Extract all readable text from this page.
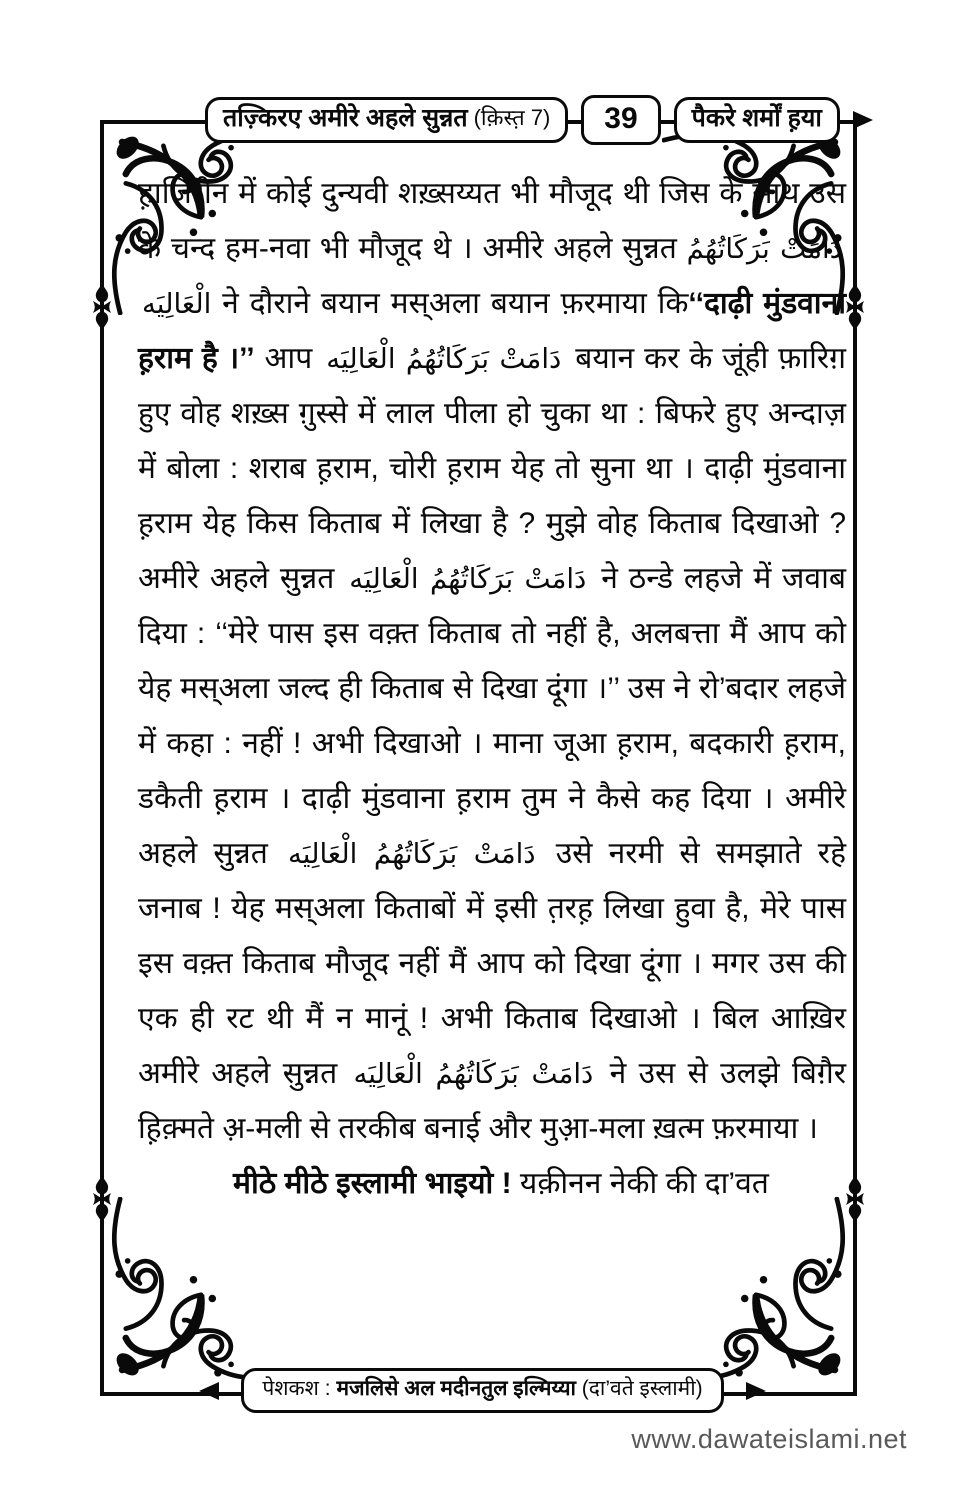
तज़्किरए अमीरे अहले सुन्नत (क़िस्त़ 7) 39 पैकरे शर्मों ह़या

ह़ाज़िरीन में कोई दुन्यवी शख़्सय्यत भी मौजूद थी जिस के साथ उस के चन्द हम-नवा भी मौजूद थे । अमीरे अहले सुन्नत دَامَتْ بَرَكَاتُهُمُ الْعَالِيَه ने दौराने बयान मस्अला बयान फ़रमाया कि‘‘दाढ़ी मुंडवाना ह़राम है ।’’ आप دَامَتْ بَرَكَاتُهُمُ الْعَالِيَه बयान कर के जूंही फ़ारिग़ हुए वोह शख़्स ग़ुस्से में लाल पीला हो चुका था : बिफरे हुए अन्दाज़ में बोला : शराब ह़राम, चोरी ह़राम येह तो सुना था । दाढ़ी मुंडवाना ह़राम येह किस किताब में लिखा है ? मुझे वोह किताब दिखाओ ? अमीरे अहले सुन्नत دَامَتْ بَرَكَاتُهُمُ الْعَالِيَه ने ठन्डे लहजे में जवाब दिया : ‘‘मेरे पास इस वक़्त किताब तो नहीं है, अलबत्ता मैं आप को येह मस्अला जल्द ही किताब से दिखा दूंगा ।’’ उस ने रो’बदार लहजे में कहा : नहीं ! अभी दिखाओ । माना जूआ ह़राम, बदकारी ह़राम, डकैती ह़राम । दाढ़ी मुंडवाना ह़राम तुम ने कैसे कह दिया । अमीरे अहले सुन्नत دَامَتْ بَرَكَاتُهُمُ الْعَالِيَه उसे नरमी से समझाते रहे जनाब ! येह मस्अला किताबों में इसी त़रह़ लिखा हुवा है, मेरे पास इस वक़्त किताब मौजूद नहीं मैं आप को दिखा दूंगा । मगर उस की एक ही रट थी मैं न मानूं ! अभी किताब दिखाओ । बिल आख़िर अमीरे अहले सुन्नत دَامَتْ بَرَكَاتُهُمُ الْعَالِيَه ने उस से उलझे बिग़ैर ह़िक़्मते अ़-मली से तरकीब बनाई और मुआ़-मला ख़त्म फ़रमाया ।

मीठे मीठे इस्लामी भाइयो ! यक़ीनन नेकी की दा’वत

पेशकश : मजलिसे अल मदीनतुल इल्मिय्या (दा’वते इस्लामी)
www.dawateislami.net
